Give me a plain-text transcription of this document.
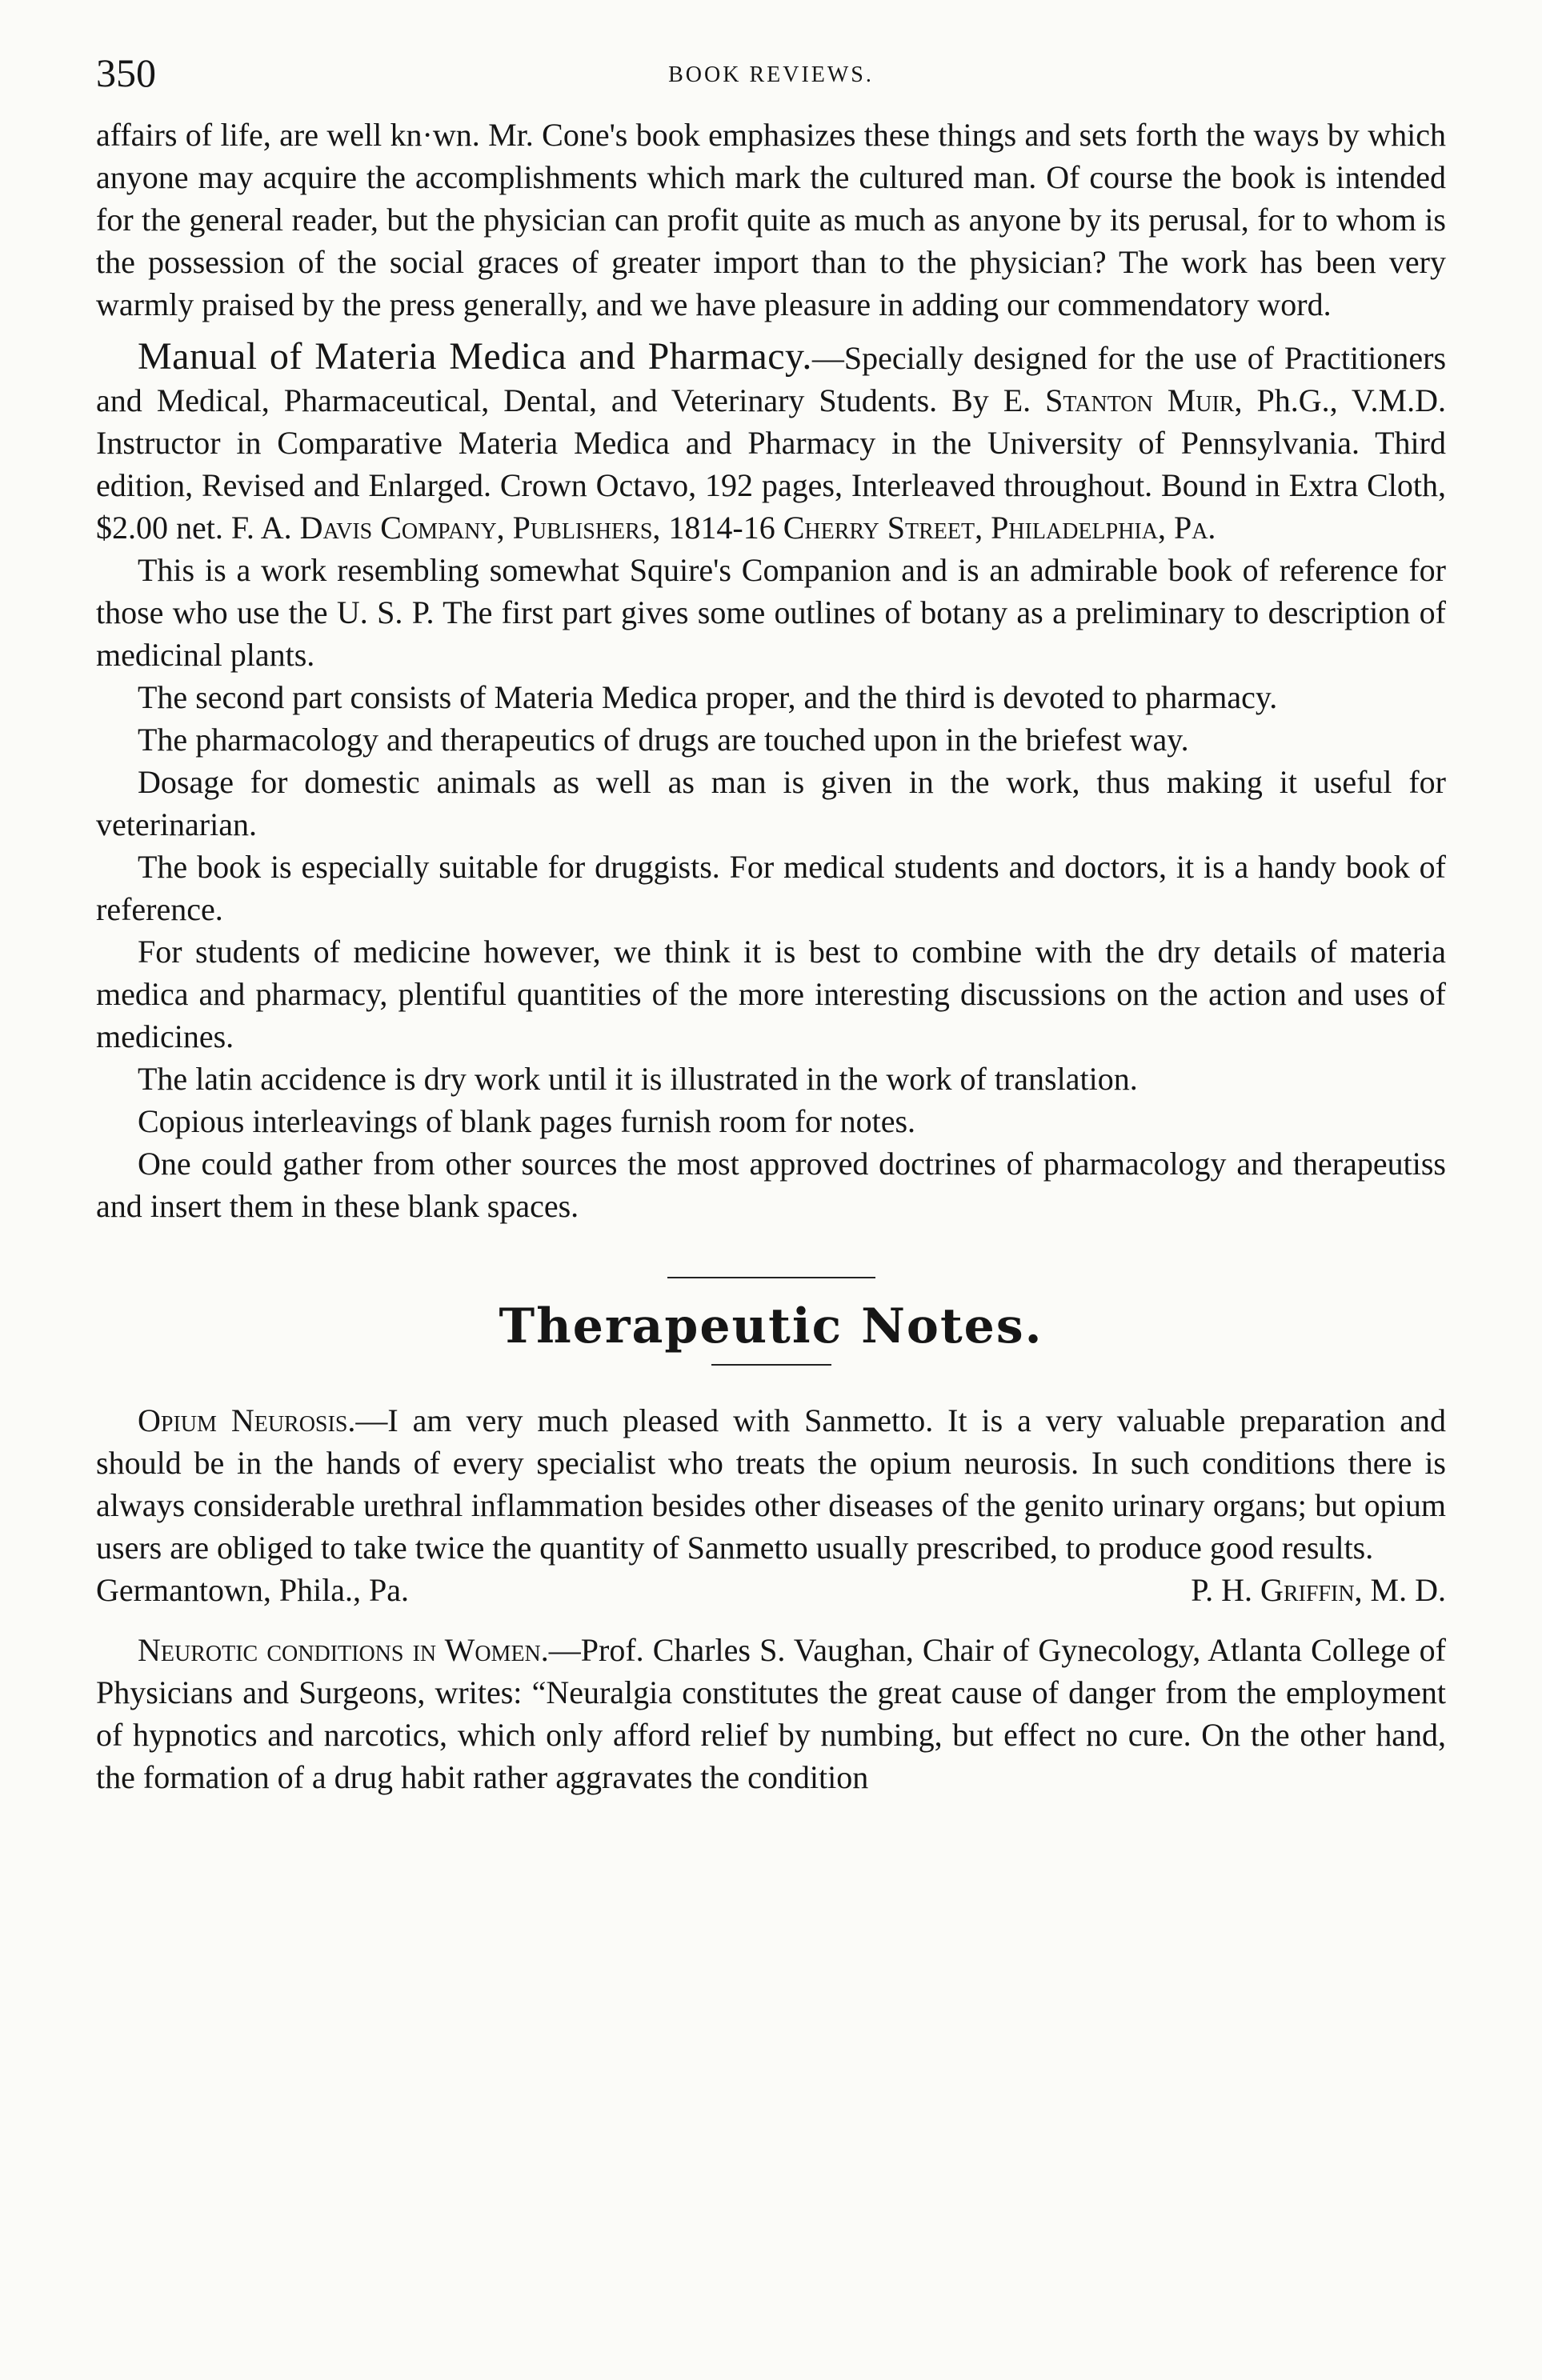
350	BOOK REVIEWS.

affairs of life, are well kn·wn. Mr. Cone's book emphasizes these things and sets forth the ways by which anyone may acquire the accomplishments which mark the cultured man. Of course the book is intended for the general reader, but the physician can profit quite as much as anyone by its perusal, for to whom is the possession of the social graces of greater import than to the physician? The work has been very warmly praised by the press generally, and we have pleasure in adding our commendatory word.

Manual of Materia Medica and Pharmacy.—Specially designed for the use of Practitioners and Medical, Pharmaceutical, Dental, and Veterinary Students. By E. Stanton Muir, Ph.G., V.M.D. Instructor in Comparative Materia Medica and Pharmacy in the University of Pennsylvania. Third edition, Revised and Enlarged. Crown Octavo, 192 pages, Interleaved throughout. Bound in Extra Cloth, $2.00 net. F. A. Davis Company, Publishers, 1814-16 Cherry Street, Philadelphia, Pa.

This is a work resembling somewhat Squire's Companion and is an admirable book of reference for those who use the U. S. P. The first part gives some outlines of botany as a preliminary to description of medicinal plants.

The second part consists of Materia Medica proper, and the third is devoted to pharmacy.

The pharmacology and therapeutics of drugs are touched upon in the briefest way.

Dosage for domestic animals as well as man is given in the work, thus making it useful for veterinarian.

The book is especially suitable for druggists. For medical students and doctors, it is a handy book of reference.

For students of medicine however, we think it is best to combine with the dry details of materia medica and pharmacy, plentiful quantities of the more interesting discussions on the action and uses of medicines.

The latin accidence is dry work until it is illustrated in the work of translation.

Copious interleavings of blank pages furnish room for notes.

One could gather from other sources the most approved doctrines of pharmacology and therapeutiss and insert them in these blank spaces.

Therapeutic Notes.

Opium Neurosis.—I am very much pleased with Sanmetto. It is a very valuable preparation and should be in the hands of every specialist who treats the opium neurosis. In such conditions there is always considerable urethral inflammation besides other diseases of the genito urinary organs; but opium users are obliged to take twice the quantity of Sanmetto usually prescribed, to produce good results.

Germantown, Phila., Pa.	P. H. Griffin, M. D.

Neurotic conditions in Women.—Prof. Charles S. Vaughan, Chair of Gynecology, Atlanta College of Physicians and Surgeons, writes: “Neuralgia constitutes the great cause of danger from the employment of hypnotics and narcotics, which only afford relief by numbing, but effect no cure. On the other hand, the formation of a drug habit rather aggravates the condition
